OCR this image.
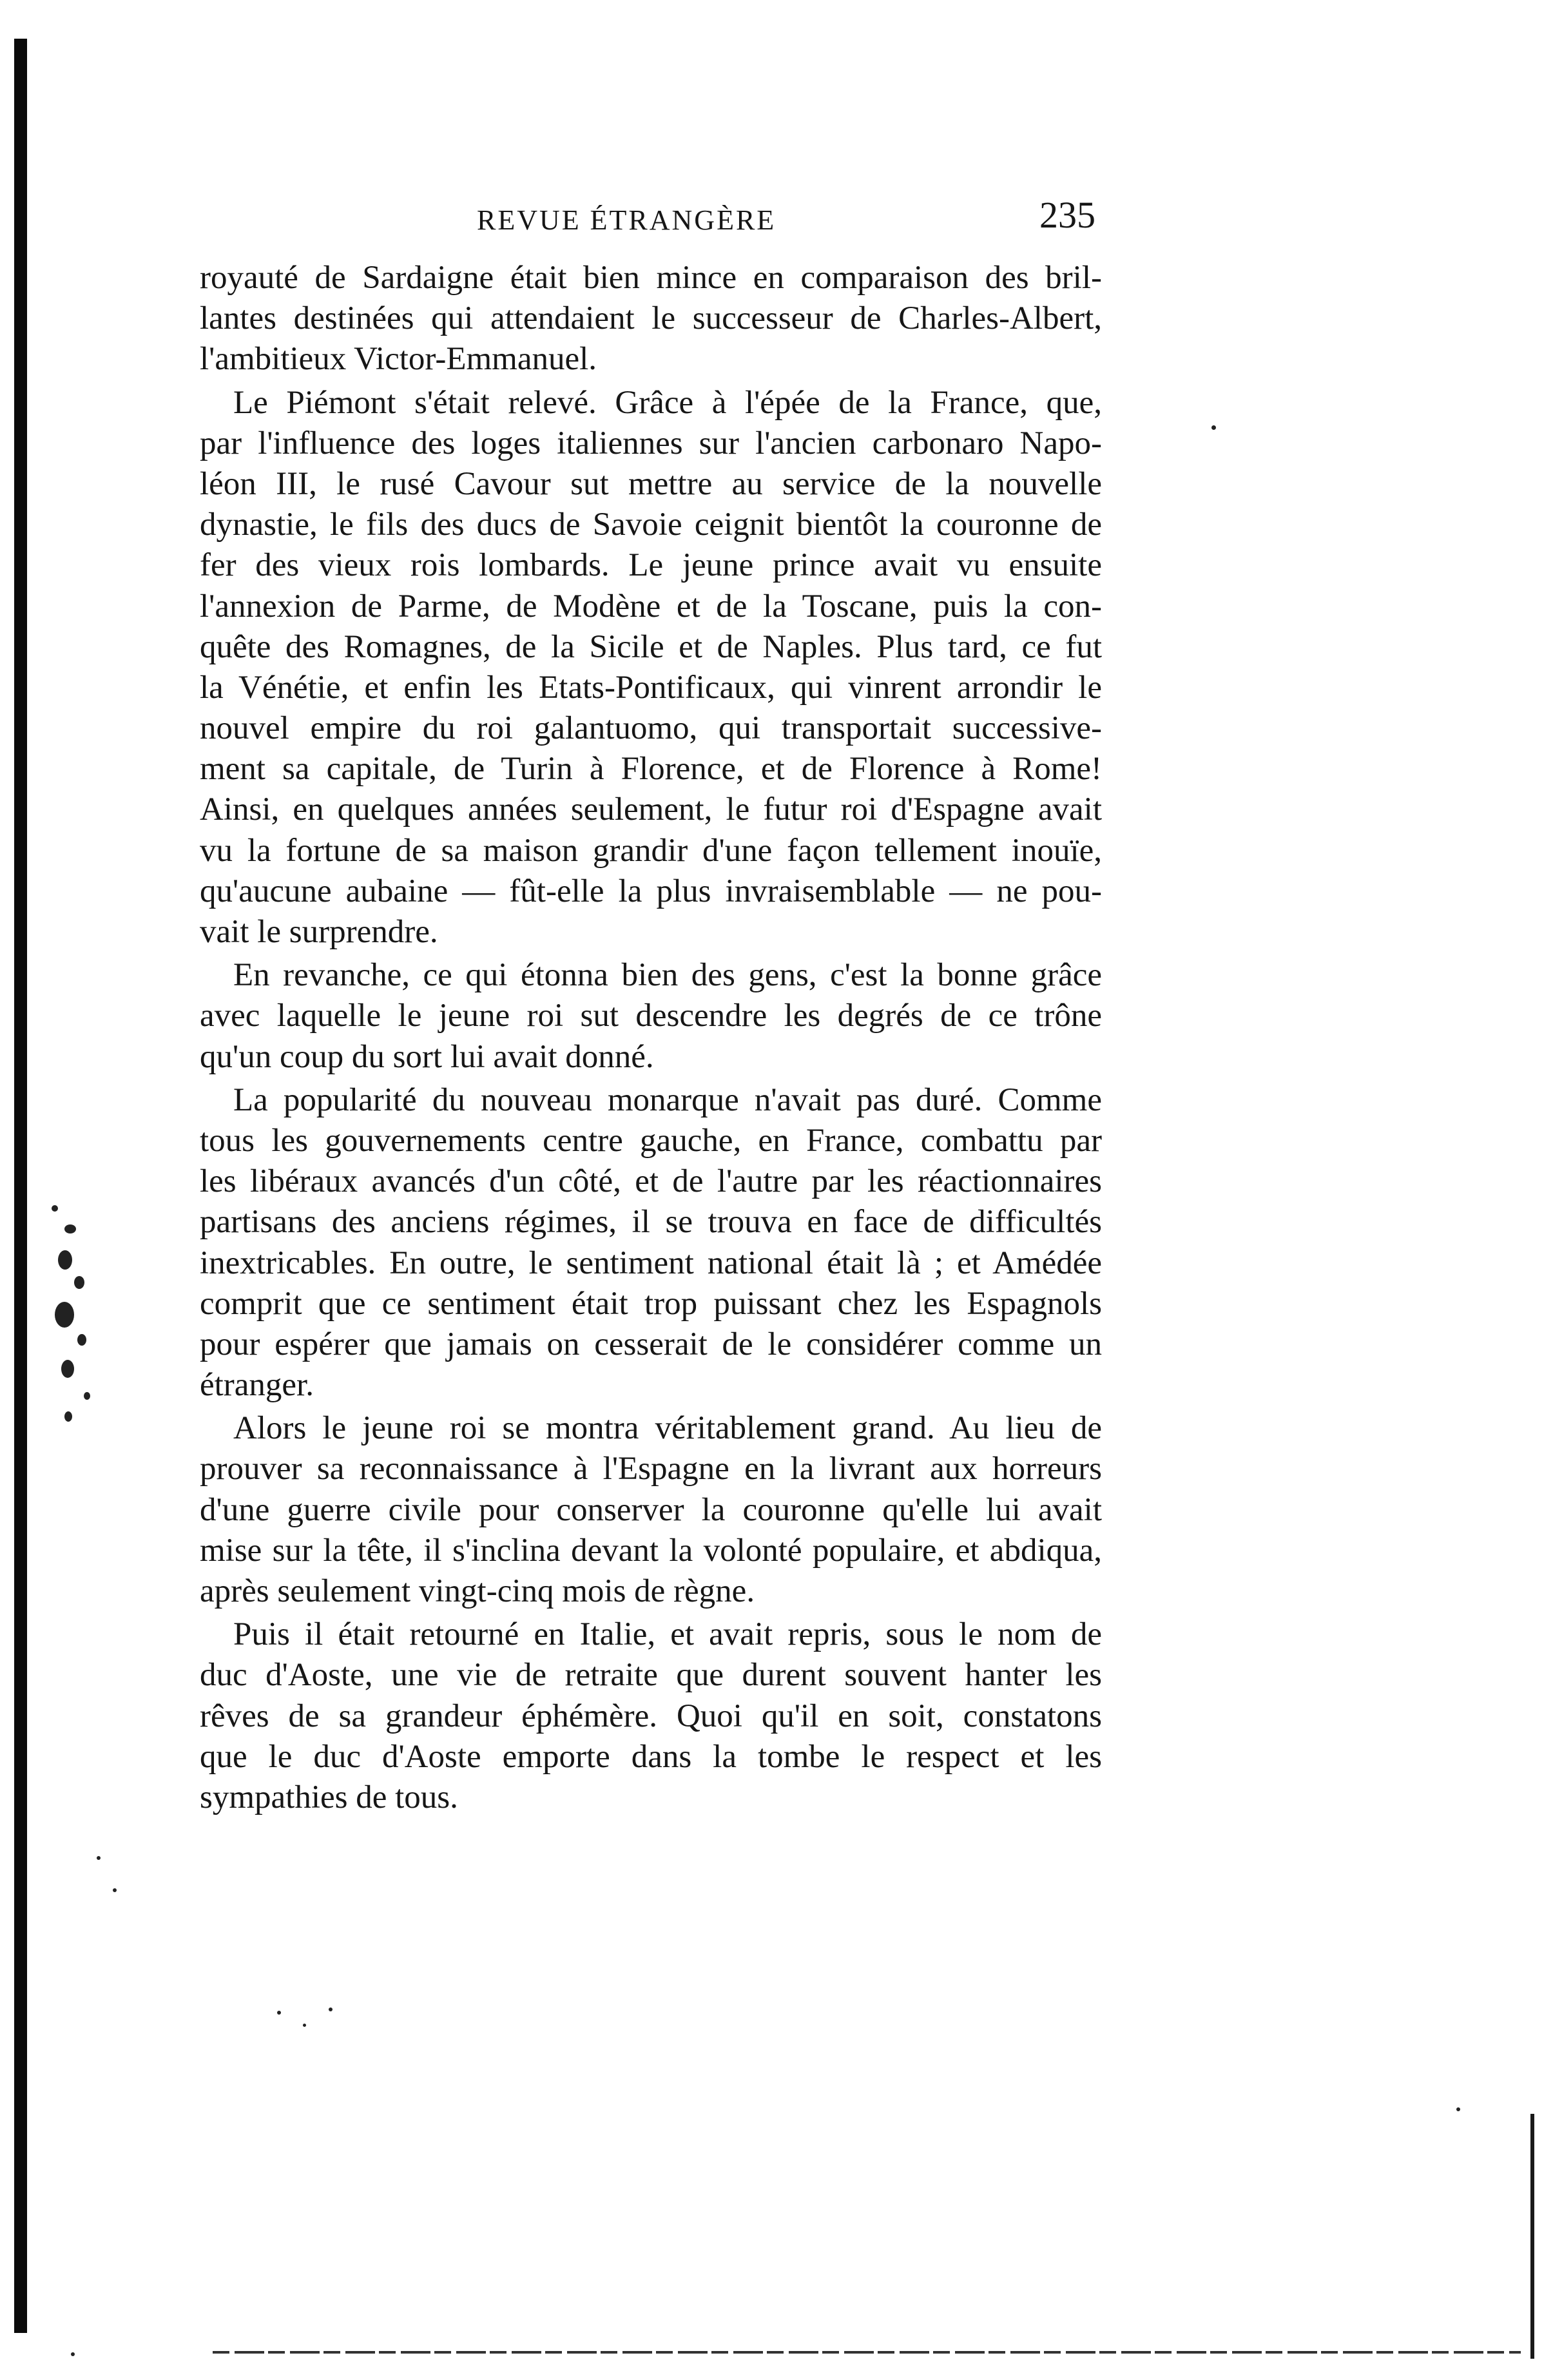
REVUE ÉTRANGÈRE	235
royauté de Sardaigne était bien mince en comparaison des bril-
lantes destinées qui attendaient le successeur de Charles-Albert,
l'ambitieux Victor-Emmanuel.
Le Piémont s'était relevé. Grâce à l'épée de la France, que,
par l'influence des loges italiennes sur l'ancien carbonaro Napo-
léon III, le rusé Cavour sut mettre au service de la nouvelle
dynastie, le fils des ducs de Savoie ceignit bientôt la couronne de
fer des vieux rois lombards. Le jeune prince avait vu ensuite
l'annexion de Parme, de Modène et de la Toscane, puis la con-
quête des Romagnes, de la Sicile et de Naples. Plus tard, ce fut
la Vénétie, et enfin les Etats-Pontificaux, qui vinrent arrondir le
nouvel empire du roi galantuomo, qui transportait successive-
ment sa capitale, de Turin à Florence, et de Florence à Rome!
Ainsi, en quelques années seulement, le futur roi d'Espagne avait
vu la fortune de sa maison grandir d'une façon tellement inouïe,
qu'aucune aubaine — fût-elle la plus invraisemblable — ne pou-
vait le surprendre.
En revanche, ce qui étonna bien des gens, c'est la bonne grâce
avec laquelle le jeune roi sut descendre les degrés de ce trône
qu'un coup du sort lui avait donné.
La popularité du nouveau monarque n'avait pas duré. Comme
tous les gouvernements centre gauche, en France, combattu par
les libéraux avancés d'un côté, et de l'autre par les réactionnaires
partisans des anciens régimes, il se trouva en face de difficultés
inextricables. En outre, le sentiment national était là ; et Amédée
comprit que ce sentiment était trop puissant chez les Espagnols
pour espérer que jamais on cesserait de le considérer comme un
étranger.
Alors le jeune roi se montra véritablement grand. Au lieu de
prouver sa reconnaissance à l'Espagne en la livrant aux horreurs
d'une guerre civile pour conserver la couronne qu'elle lui avait
mise sur la tête, il s'inclina devant la volonté populaire, et abdiqua,
après seulement vingt-cinq mois de règne.
Puis il était retourné en Italie, et avait repris, sous le nom de
duc d'Aoste, une vie de retraite que durent souvent hanter les
rêves de sa grandeur éphémère. Quoi qu'il en soit, constatons
que le duc d'Aoste emporte dans la tombe le respect et les
sympathies de tous.
